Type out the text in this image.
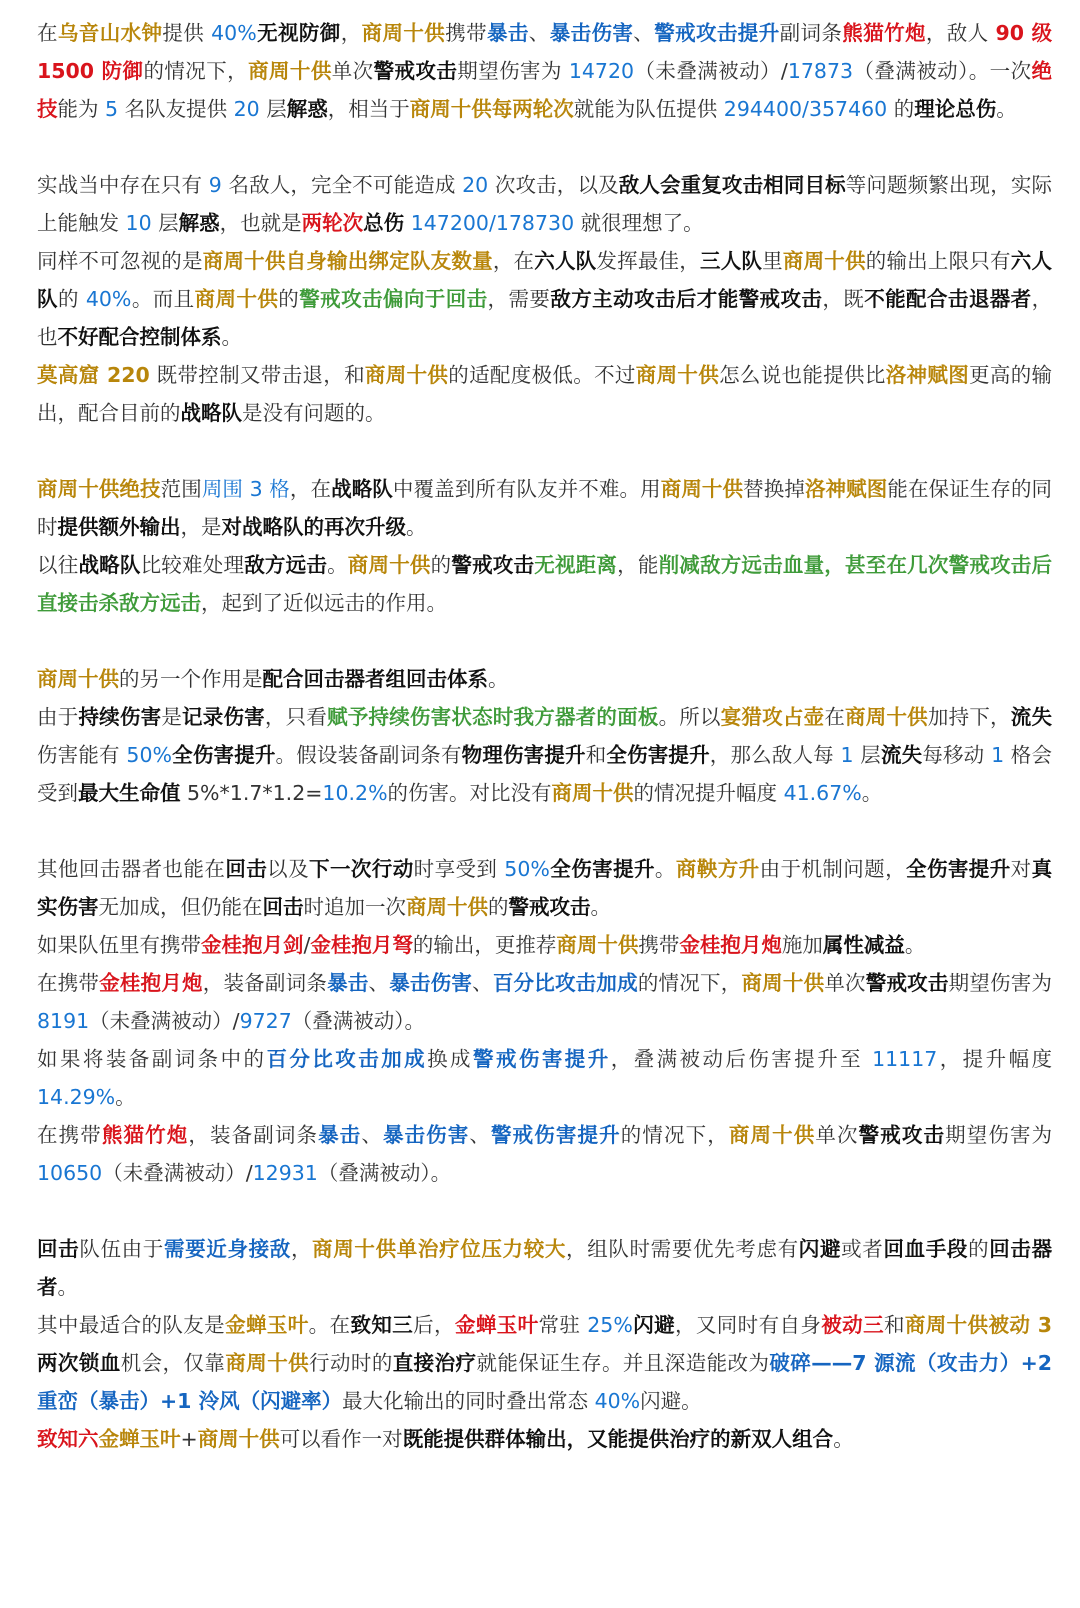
在乌音山水钟提供 40%无视防御，商周十供携带暴击、暴击伤害、警戒攻击提升副词条熊猫竹炮，敌人 90 级 1500 防御的情况下，商周十供单次警戒攻击期望伤害为 14720（未叠满被动）/17873（叠满被动）。一次绝技能为 5 名队友提供 20 层解惑，相当于商周十供每两轮次就能为队伍提供 294400/357460 的理论总伤。

实战当中存在只有 9 名敌人，完全不可能造成 20 次攻击，以及敌人会重复攻击相同目标等问题频繁出现，实际上能触发 10 层解惑，也就是两轮次总伤 147200/178730 就很理想了。

同样不可忽视的是商周十供自身输出绑定队友数量，在六人队发挥最佳，三人队里商周十供的输出上限只有六人队的 40%。而且商周十供的警戒攻击偏向于回击，需要敌方主动攻击后才能警戒攻击，既不能配合击退器者，也不好配合控制体系。

莫高窟 220 既带控制又带击退，和商周十供的适配度极低。不过商周十供怎么说也能提供比洛神赋图更高的输出，配合目前的战略队是没有问题的。

商周十供绝技范围周围 3 格，在战略队中覆盖到所有队友并不难。用商周十供替换掉洛神赋图能在保证生存的同时提供额外输出，是对战略队的再次升级。

以往战略队比较难处理敌方远击。商周十供的警戒攻击无视距离，能削减敌方远击血量，甚至在几次警戒攻击后直接击杀敌方远击，起到了近似远击的作用。

商周十供的另一个作用是配合回击器者组回击体系。

由于持续伤害是记录伤害，只看赋予持续伤害状态时我方器者的面板。所以宴猎攻占壶在商周十供加持下，流失伤害能有 50%全伤害提升。假设装备副词条有物理伤害提升和全伤害提升，那么敌人每 1 层流失每移动 1 格会受到最大生命值 5%*1.7*1.2=10.2%的伤害。对比没有商周十供的情况提升幅度 41.67%。

其他回击器者也能在回击以及下一次行动时享受到 50%全伤害提升。商鞅方升由于机制问题，全伤害提升对真实伤害无加成，但仍能在回击时追加一次商周十供的警戒攻击。

如果队伍里有携带金桂抱月剑/金桂抱月弩的输出，更推荐商周十供携带金桂抱月炮施加属性减益。

在携带金桂抱月炮，装备副词条暴击、暴击伤害、百分比攻击加成的情况下，商周十供单次警戒攻击期望伤害为 8191（未叠满被动）/9727（叠满被动）。

如果将装备副词条中的百分比攻击加成换成警戒伤害提升，叠满被动后伤害提升至 11117，提升幅度 14.29%。

在携带熊猫竹炮，装备副词条暴击、暴击伤害、警戒伤害提升的情况下，商周十供单次警戒攻击期望伤害为 10650（未叠满被动）/12931（叠满被动）。

回击队伍由于需要近身接敌，商周十供单治疗位压力较大，组队时需要优先考虑有闪避或者回血手段的回击器者。

其中最适合的队友是金蝉玉叶。在致知三后，金蝉玉叶常驻 25%闪避，又同时有自身被动三和商周十供被动 3 两次锁血机会，仅靠商周十供行动时的直接治疗就能保证生存。并且深造能改为破碎——7 源流（攻击力）+2 重峦（暴击）+1 泠风（闪避率）最大化输出的同时叠出常态 40%闪避。

致知六金蝉玉叶+商周十供可以看作一对既能提供群体输出，又能提供治疗的新双人组合。
